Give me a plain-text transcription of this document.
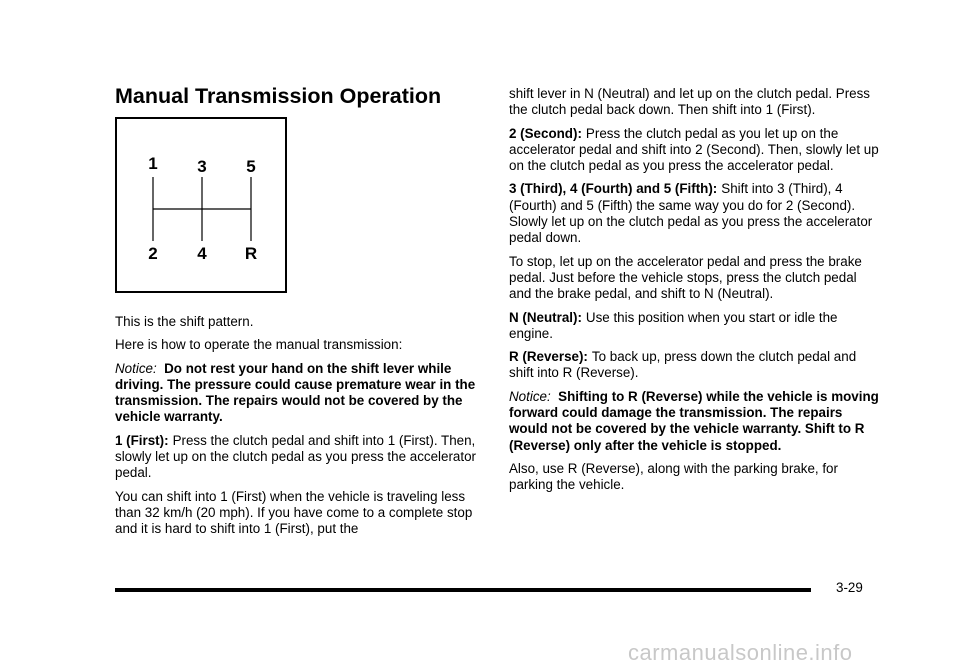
Manual Transmission Operation
1 3 5
2 4 R

This is the shift pattern.

Here is how to operate the manual transmission:

Notice: Do not rest your hand on the shift lever while driving. The pressure could cause premature wear in the transmission. The repairs would not be covered by the vehicle warranty.

1 (First): Press the clutch pedal and shift into 1 (First). Then, slowly let up on the clutch pedal as you press the accelerator pedal.

You can shift into 1 (First) when the vehicle is traveling less than 32 km/h (20 mph). If you have come to a complete stop and it is hard to shift into 1 (First), put the

shift lever in N (Neutral) and let up on the clutch pedal. Press the clutch pedal back down. Then shift into 1 (First).

2 (Second): Press the clutch pedal as you let up on the accelerator pedal and shift into 2 (Second). Then, slowly let up on the clutch pedal as you press the accelerator pedal.

3 (Third), 4 (Fourth) and 5 (Fifth): Shift into 3 (Third), 4 (Fourth) and 5 (Fifth) the same way you do for 2 (Second). Slowly let up on the clutch pedal as you press the accelerator pedal down.

To stop, let up on the accelerator pedal and press the brake pedal. Just before the vehicle stops, press the clutch pedal and the brake pedal, and shift to N (Neutral).

N (Neutral): Use this position when you start or idle the engine.

R (Reverse): To back up, press down the clutch pedal and shift into R (Reverse).

Notice: Shifting to R (Reverse) while the vehicle is moving forward could damage the transmission. The repairs would not be covered by the vehicle warranty. Shift to R (Reverse) only after the vehicle is stopped.

Also, use R (Reverse), along with the parking brake, for parking the vehicle.

3-29
carmanualsonline.info
